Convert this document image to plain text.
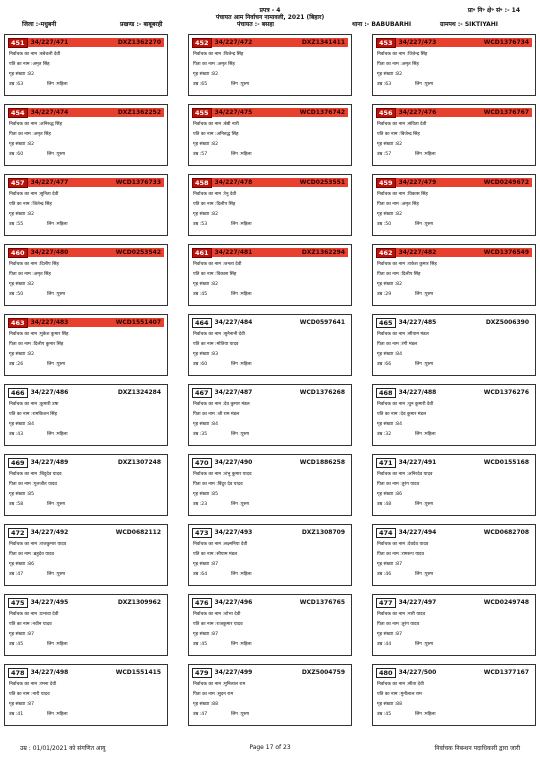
प्रपत्र - 4
पंचायत आम निर्वाचन नामावली, 2021 (बिहार)
प्रा॰ नि॰ क्षे॰ सं॰ :- 14
जिला :-मधुबनी	प्रखण्ड :- बाबूबरही	पंचायत :- बसहा	थाना :- BABUBARHI	ग्रामपथ :- SIKTIYAHI
451	34/227/471	DXZ1362270
निर्वाचक का नाम :बबेचली देवी
पति का नाम :अमृत सिंह
गृह संख्या :82
उम्र :63	लिंग :महिला
452	34/227/472	DXZ1341411
निर्वाचक का नाम :बिजेन्द्र सिंह
पिता का नाम :अमृत सिंह
गृह संख्या :82
उम्र :65	लिंग :पुरुष
453	34/227/473	WCD1376734
निर्वाचक का नाम :जितेन्द्र सिंह
पिता का नाम :अमृत सिंह
गृह संख्या :82
उम्र :63	लिंग :पुरुष
454	34/227/474	DXZ1362252
निर्वाचक का नाम :अनिरुद्ध सिंह
पिता का नाम :अमृत सिंह
गृह संख्या :82
उम्र :60	लिंग :पुरुष
455	34/227/475	WCD1376742
निर्वाचक का नाम :बेबी नारी
पति का नाम :अनिरुद्ध सिंह
गृह संख्या :82
उम्र :57	लिंग :महिला
456	34/227/476	WCD1376767
निर्वाचक का नाम :संविता देवी
पति का नाम :बिजेन्द्र सिंह
गृह संख्या :82
उम्र :57	लिंग :महिला
457	34/227/477	WCD1376733
निर्वाचक का नाम :सुनिता देवी
पति का नाम :जितेन्द्र सिंह
गृह संख्या :82
उम्र :55	लिंग :महिला
458	34/227/478	WCD0253551
निर्वाचक का नाम :रेनु देवी
पति का नाम :दिलीप सिंह
गृह संख्या :82
उम्र :53	लिंग :महिला
459	34/227/479	WCD0249672
निर्वाचक का नाम :विकास सिंह
पिता का नाम :अमृत सिंह
गृह संख्या :82
उम्र :50	लिंग :पुरुष
460	34/227/480	WCD0253542
निर्वाचक का नाम :दिलीप सिंह
पिता का नाम :अमृत सिंह
गृह संख्या :82
उम्र :50	लिंग :पुरुष
461	34/227/481	DXZ1362294
निर्वाचक का नाम :जनता देवी
पति का नाम :विकास सिंह
गृह संख्या :82
उम्र :45	लिंग :महिला
462	34/227/482	WCD1376549
निर्वाचक का नाम :राकेश कुमार सिंह
पिता का नाम :दिलीप सिंह
गृह संख्या :82
उम्र :29	लिंग :पुरुष
463	34/227/483	WCD1551407
निर्वाचक का नाम :मुकेश कुमार सिंह
पिता का नाम :दिलीप कुमार सिंह
गृह संख्या :82
उम्र :26	लिंग :पुरुष
464	34/227/484	WCD0597641
निर्वाचक का नाम :सुनैनानी देवी
पति का नाम :मोतिया यादव
गृह संख्या :83
उम्र :60	लिंग :महिला
465	34/227/485	DXZ5006390
निर्वाचक का नाम :सीयाम मंडल
पिता का नाम :रंगी मंडल
गृह संख्या :84
उम्र :66	लिंग :पुरुष
466	34/227/486	DXZ1324284
निर्वाचक का नाम :कुमारी उषा
पति का नाम :रामकिशन सिंह
गृह संख्या :84
उम्र :43	लिंग :महिला
467	34/227/487	WCD1376268
निर्वाचक का नाम :देव कुमार मंडल
पिता का नाम :श्री राम मंडल
गृह संख्या :84
उम्र :35	लिंग :पुरुष
468	34/227/488	WCD1376276
निर्वाचक का नाम :चुन कुमारी देवी
पति का नाम :देव कुमार मंडल
गृह संख्या :84
उम्र :32	लिंग :महिला
469	34/227/489	DXZ1307248
निर्वाचक का नाम :बिंदुदेव यादव
पिता का नाम :गुलजीत यादव
गृह संख्या :85
उम्र :58	लिंग :पुरुष
470	34/227/490	WCD1886258
निर्वाचक का नाम :शंभु कुमार यादव
पिता का नाम :बिंदुर देव यादव
गृह संख्या :85
उम्र :23	लिंग :पुरुष
471	34/227/491	WCD0155168
निर्वाचक का नाम :अनिरदेव यादव
पिता का नाम :तुरंग यादव
गृह संख्या :86
उम्र :48	लिंग :पुरुष
472	34/227/492	WCD0682112
निर्वाचक का नाम :राजकुमार यादव
पिता का नाम :ब्रहुदेव यादव
गृह संख्या :86
उम्र :47	लिंग :पुरुष
473	34/227/493	DXZ1308709
निर्वाचक का नाम :लक्ष्मनिया देवी
पति का नाम :सीयाम मंडल
गृह संख्या :87
उम्र :64	लिंग :महिला
474	34/227/494	WCD0682708
निर्वाचक का नाम :देवदेव यादव
पिता का नाम :रामरूप यादव
गृह संख्या :87
उम्र :46	लिंग :पुरुष
475	34/227/495	DXZ1309962
निर्वाचक का नाम :प्रभावा देवी
पति का नाम :नवीन यादव
गृह संख्या :87
उम्र :45	लिंग :महिला
476	34/227/496	WCD1376765
निर्वाचक का नाम :शोभा देवी
पति का नाम :राजकुमार यादव
गृह संख्या :87
उम्र :45	लिंग :महिला
477	34/227/497	WCD0249748
निर्वाचक का नाम :नारी यादव
पिता का नाम :तुरंग यादव
गृह संख्या :87
उम्र :44	लिंग :पुरुष
478	34/227/498	WCD1551415
निर्वाचक का नाम :रमना देवी
पति का नाम :नारी यादव
गृह संख्या :87
उम्र :41	लिंग :महिला
479	34/227/499	DXZ5004759
निर्वाचक का नाम :मुनिलाल राम
पिता का नाम :सुदन राम
गृह संख्या :88
उम्र :47	लिंग :पुरुष
480	34/227/500	WCD1377167
निर्वाचक का नाम :सीता देवी
पति का नाम :मुनीलाल राम
गृह संख्या :88
उम्र :45	लिंग :महिला
उम्र : 01/01/2021 को संगणित आयु	Page 17 of 23	निर्वाचक निबन्धन पदाधिकारी द्वारा जारी
